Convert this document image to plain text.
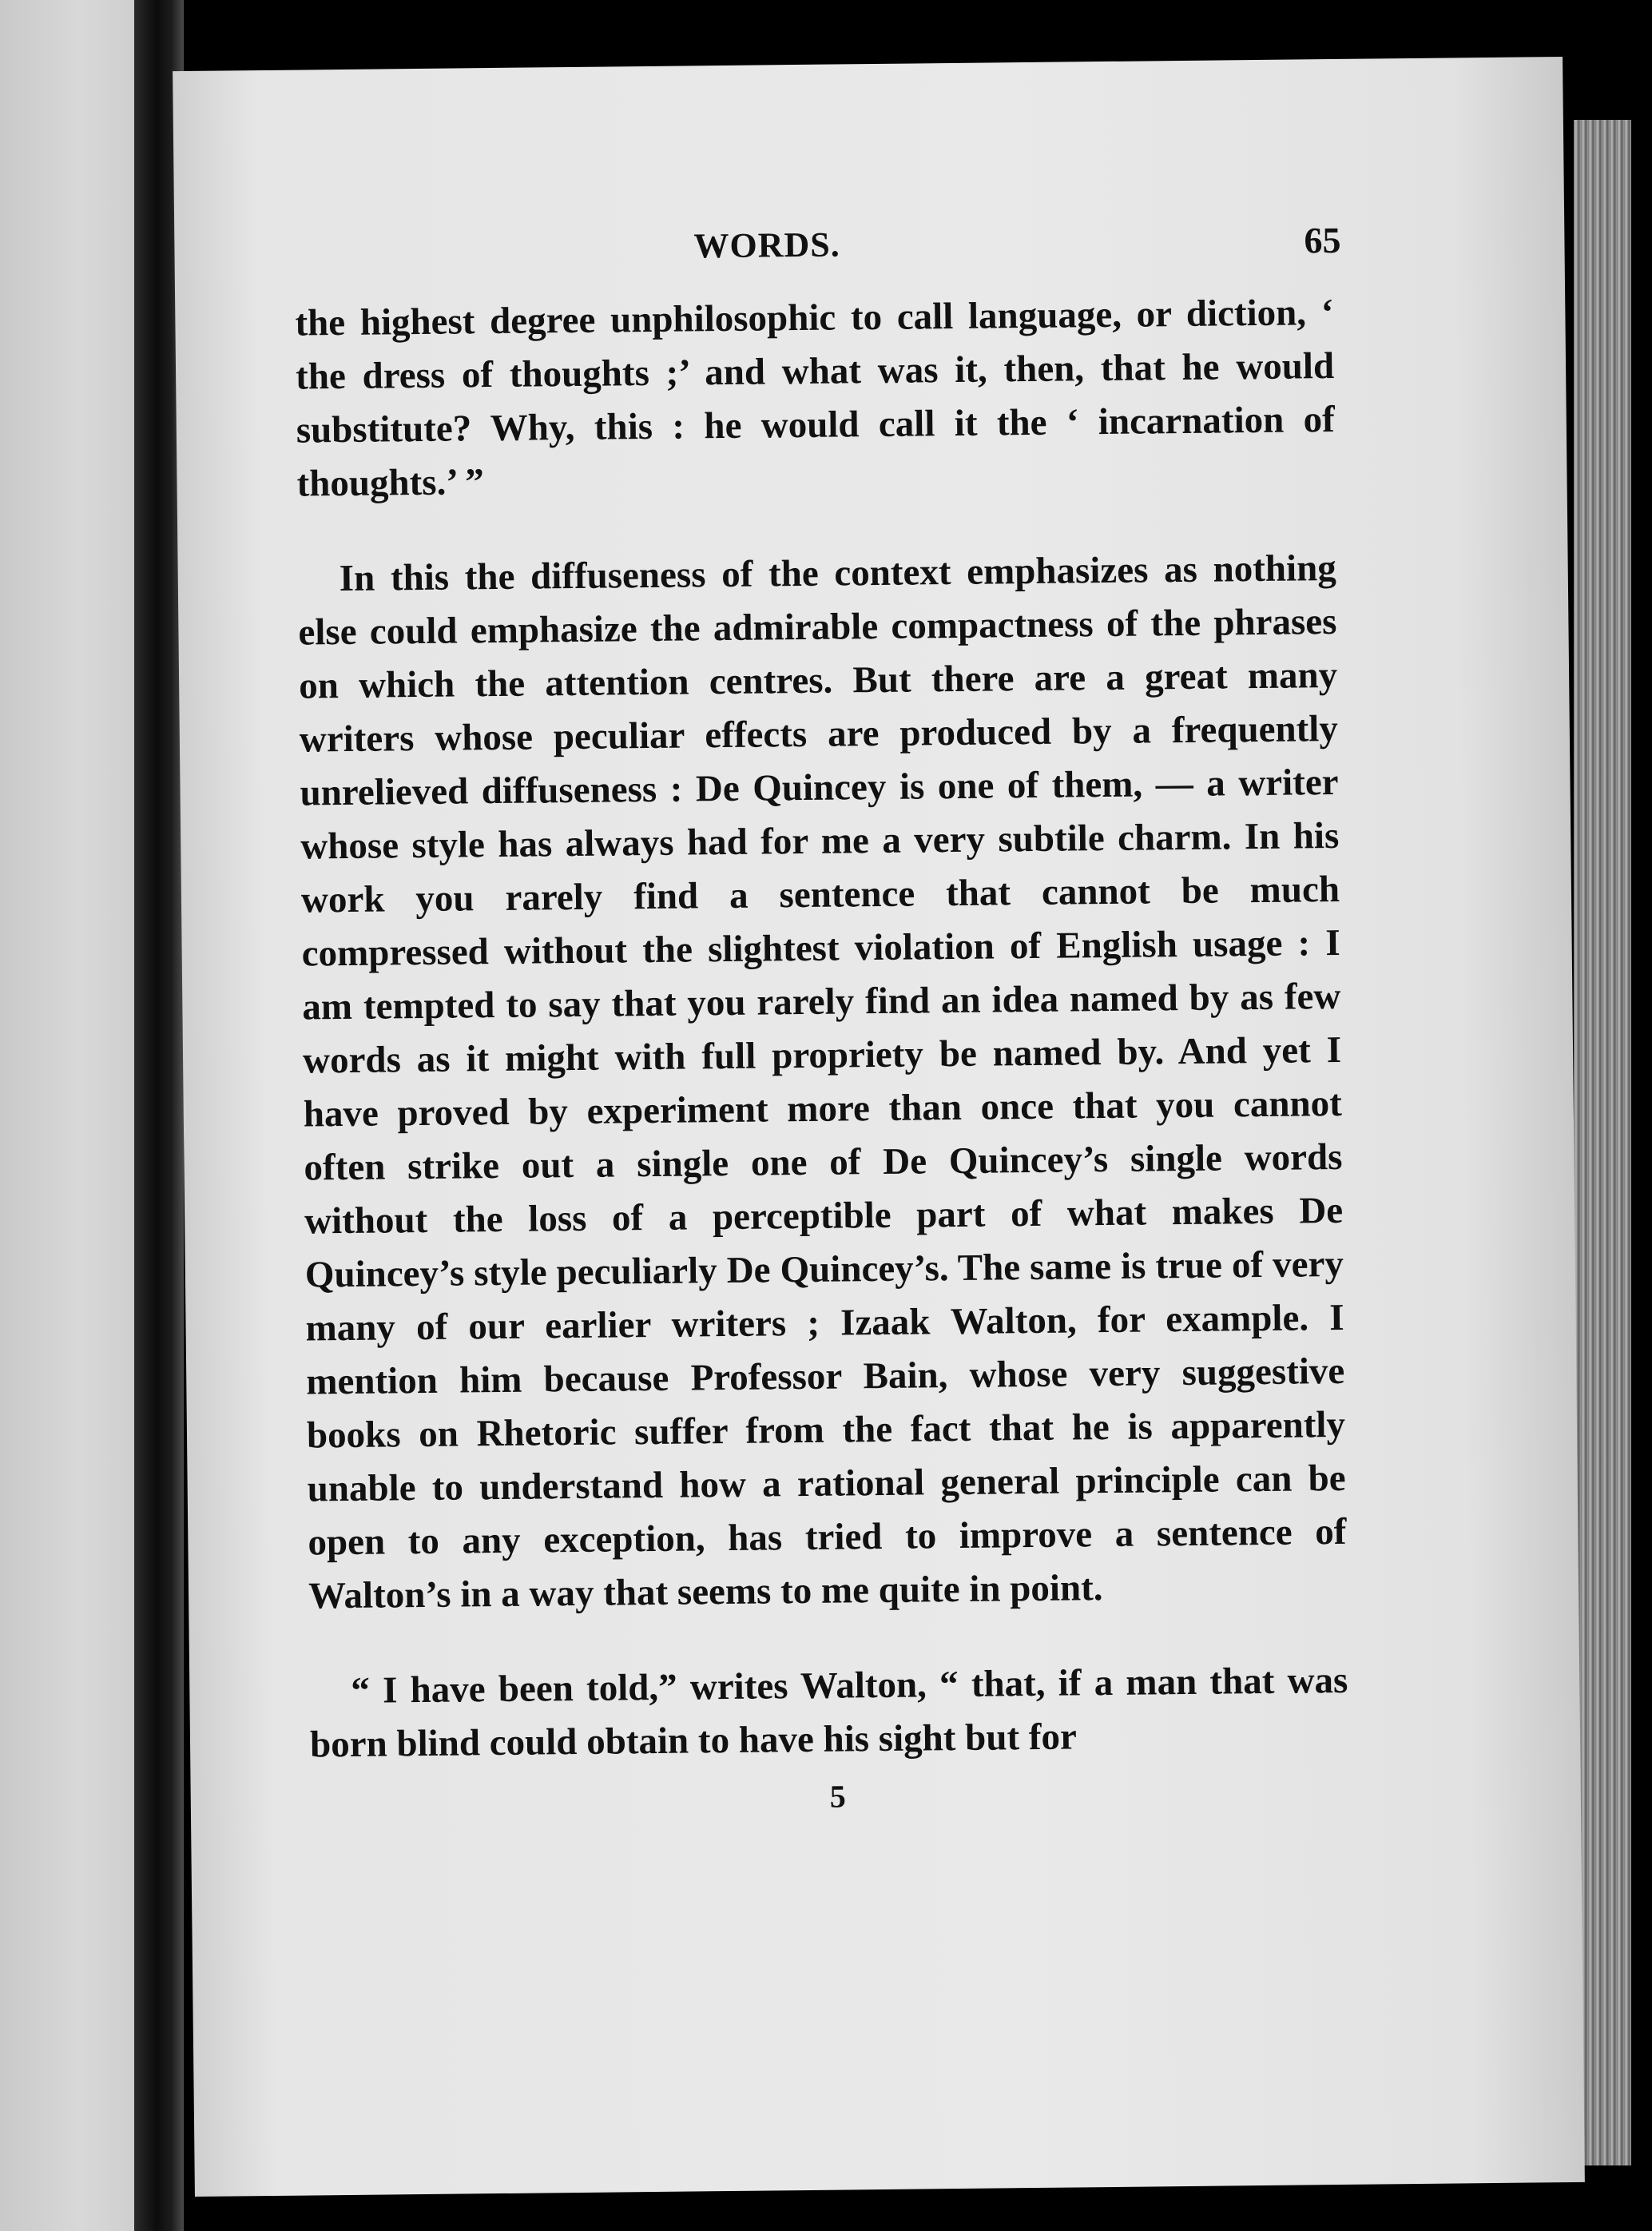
WORDS.	65

the highest degree unphilosophic to call language, or diction, ‘ the dress of thoughts ;’ and what was it, then, that he would substitute? Why, this : he would call it the ‘ incarnation of thoughts.’ ”

In this the diffuseness of the context emphasizes as nothing else could emphasize the admirable compactness of the phrases on which the attention centres. But there are a great many writers whose peculiar effects are produced by a frequently unrelieved diffuseness : De Quincey is one of them, — a writer whose style has always had for me a very subtile charm. In his work you rarely find a sentence that cannot be much compressed without the slightest violation of English usage : I am tempted to say that you rarely find an idea named by as few words as it might with full propriety be named by. And yet I have proved by experiment more than once that you cannot often strike out a single one of De Quincey’s single words without the loss of a perceptible part of what makes De Quincey’s style peculiarly De Quincey’s. The same is true of very many of our earlier writers ; Izaak Walton, for example. I mention him because Professor Bain, whose very suggestive books on Rhetoric suffer from the fact that he is apparently unable to understand how a rational general principle can be open to any exception, has tried to improve a sentence of Walton’s in a way that seems to me quite in point.

“ I have been told,” writes Walton, “ that, if a man that was born blind could obtain to have his sight but for

5
